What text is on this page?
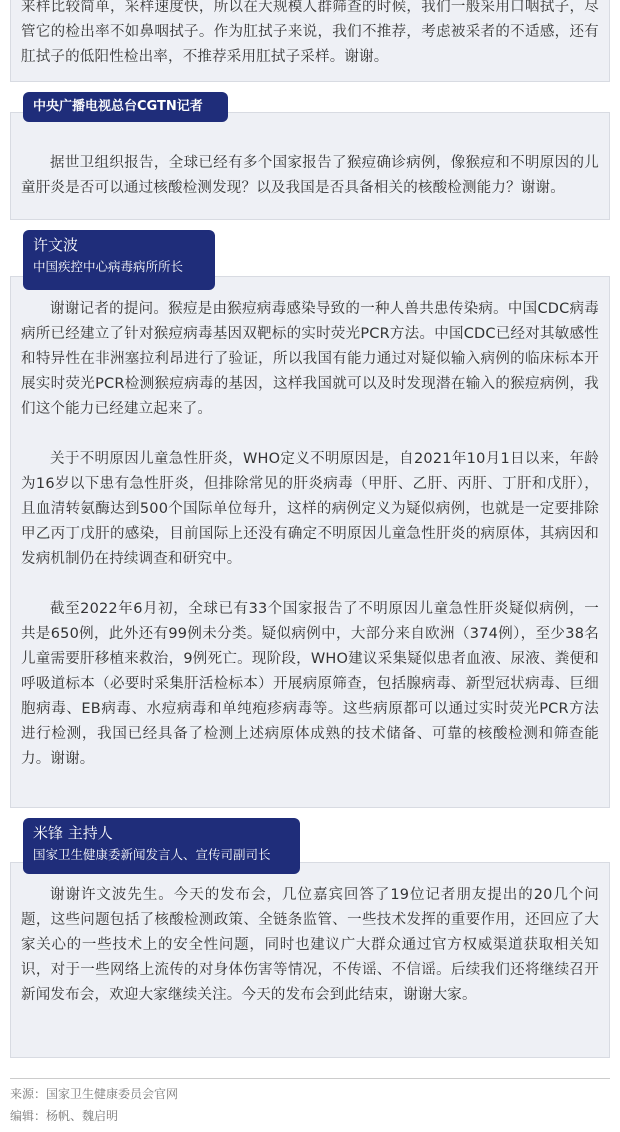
来样比较简单，采样速度快，所以在大规模人群筛查的时候，我们一般采用口咽拭子，尽管它的检出率不如鼻咽拭子。作为肛拭子来说，我们不推荐，考虑被采者的不适感，还有肛拭子的低阳性检出率，不推荐采用肛拭子采样。谢谢。

据世卫组织报告，全球已经有多个国家报告了猴痘确诊病例，像猴痘和不明原因的儿童肝炎是否可以通过核酸检测发现？以及我国是否具备相关的核酸检测能力？谢谢。

中央广播电视总台CGTN记者

谢谢记者的提问。猴痘是由猴痘病毒感染导致的一种人兽共患传染病。中国CDC病毒病所已经建立了针对猴痘病毒基因双靶标的实时荧光PCR方法。中国CDC已经对其敏感性和特异性在非洲塞拉利昂进行了验证，所以我国有能力通过对疑似输入病例的临床标本开展实时荧光PCR检测猴痘病毒的基因，这样我国就可以及时发现潜在输入的猴痘病例，我们这个能力已经建立起来了。

关于不明原因儿童急性肝炎，WHO定义不明原因是，自2021年10月1日以来，年龄为16岁以下患有急性肝炎，但排除常见的肝炎病毒（甲肝、乙肝、丙肝、丁肝和戊肝），且血清转氨酶达到500个国际单位每升，这样的病例定义为疑似病例，也就是一定要排除甲乙丙丁戊肝的感染，目前国际上还没有确定不明原因儿童急性肝炎的病原体，其病因和发病机制仍在持续调查和研究中。

截至2022年6月初，全球已有33个国家报告了不明原因儿童急性肝炎疑似病例，一共是650例，此外还有99例未分类。疑似病例中，大部分来自欧洲（374例），至少38名儿童需要肝移植来救治，9例死亡。现阶段，WHO建议采集疑似患者血液、尿液、粪便和呼吸道标本（必要时采集肝活检标本）开展病原筛查，包括腺病毒、新型冠状病毒、巨细胞病毒、EB病毒、水痘病毒和单纯疱疹病毒等。这些病原都可以通过实时荧光PCR方法进行检测，我国已经具备了检测上述病原体成熟的技术储备、可靠的核酸检测和筛查能力。谢谢。

许文波
中国疾控中心病毒病所所长

谢谢许文波先生。今天的发布会，几位嘉宾回答了19位记者朋友提出的20几个问题，这些问题包括了核酸检测政策、全链条监管、一些技术发挥的重要作用，还回应了大家关心的一些技术上的安全性问题，同时也建议广大群众通过官方权威渠道获取相关知识，对于一些网络上流传的对身体伤害等情况，不传谣、不信谣。后续我们还将继续召开新闻发布会，欢迎大家继续关注。今天的发布会到此结束，谢谢大家。

米锋 主持人
国家卫生健康委新闻发言人、宣传司副司长
来源：国家卫生健康委员会官网
编辑：杨帆、魏启明
